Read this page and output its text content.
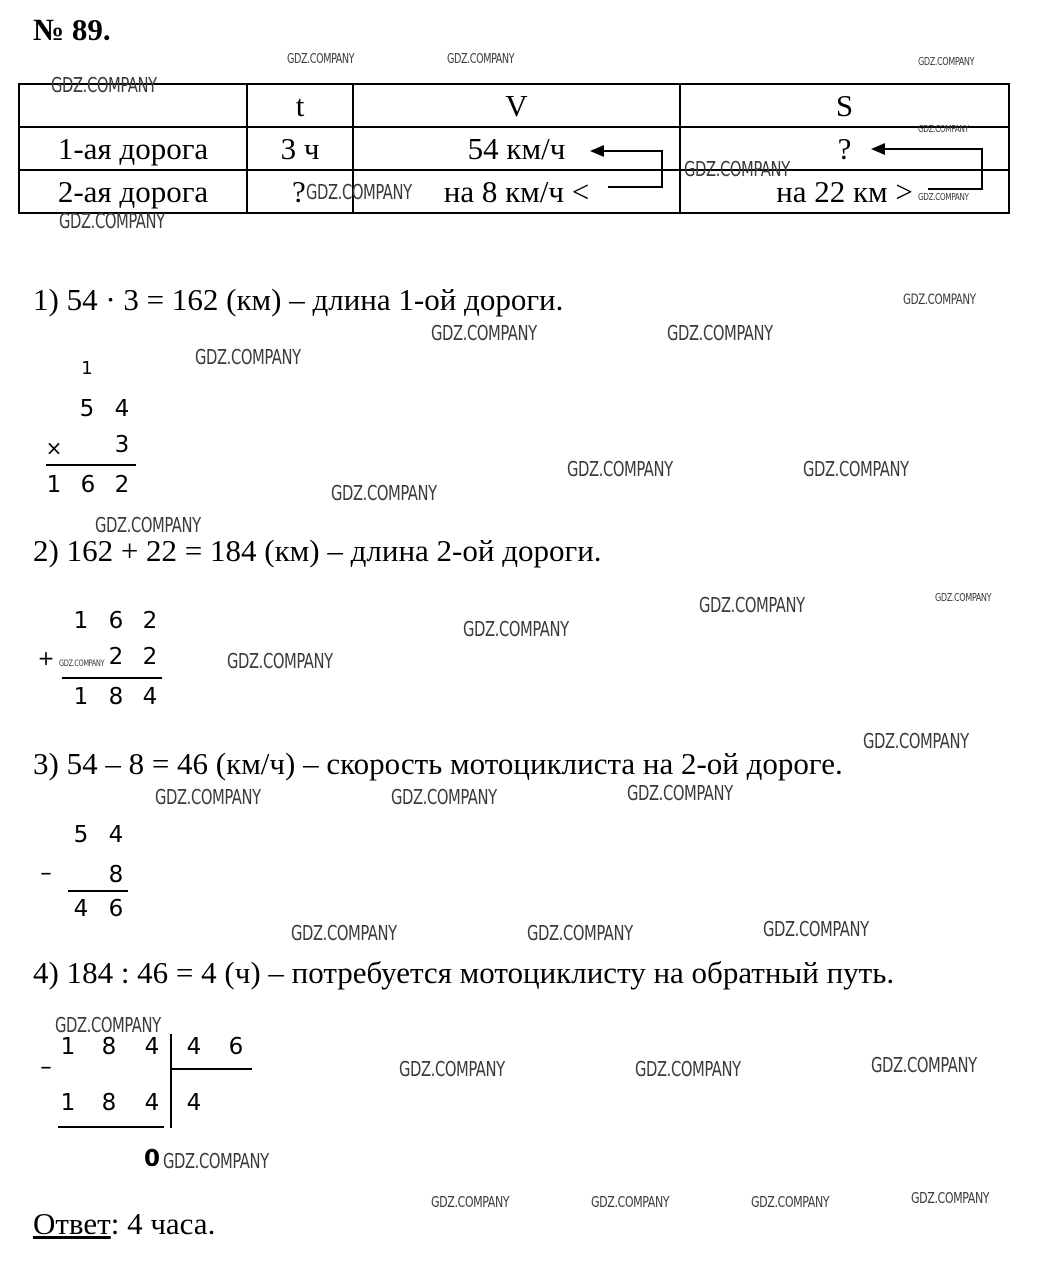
№ 89.
	t	V	S
1-ая дорога	3 ч	54 км/ч	?
2-ая дорога	?	на 8 км/ч <	на 22 км >
1) 54 · 3 = 162 (км) – длина 1-ой дороги.
2) 162 + 22 = 184 (км) – длина 2-ой дороги.
3) 54 – 8 = 46 (км/ч) – скорость мотоциклиста на 2-ой дороге.
4) 184 : 46 = 4 (ч) – потребуется мотоциклисту на обратный путь.
1
5 4
× 3
1 6 2
1 6 2
+ 2 2
1 8 4
5 4
– 8
4 6
1 8 4 4 6
–
1 8 4 4
0
Ответ: 4 часа.
GDZ.COMPANY	GDZ.COMPANY	GDZ.COMPANY
GDZ.COMPANY
GDZ.COMPANY
GDZ.COMPANY
GDZ.COMPANY	GDZ.COMPANY
GDZ.COMPANY
GDZ.COMPANY
GDZ.COMPANY	GDZ.COMPANY
GDZ.COMPANY
GDZ.COMPANY	GDZ.COMPANY
GDZ.COMPANY
GDZ.COMPANY
GDZ.COMPANY	GDZ.COMPANY
GDZ.COMPANY
GDZ.COMPANY
GDZ.COMPANY
GDZ.COMPANY
GDZ.COMPANY
GDZ.COMPANY	GDZ.COMPANY
GDZ.COMPANY
GDZ.COMPANY	GDZ.COMPANY
GDZ.COMPANY
GDZ.COMPANY
GDZ.COMPANY	GDZ.COMPANY
GDZ.COMPANY
GDZ.COMPANY
GDZ.COMPANY	GDZ.COMPANY	GDZ.COMPANY
